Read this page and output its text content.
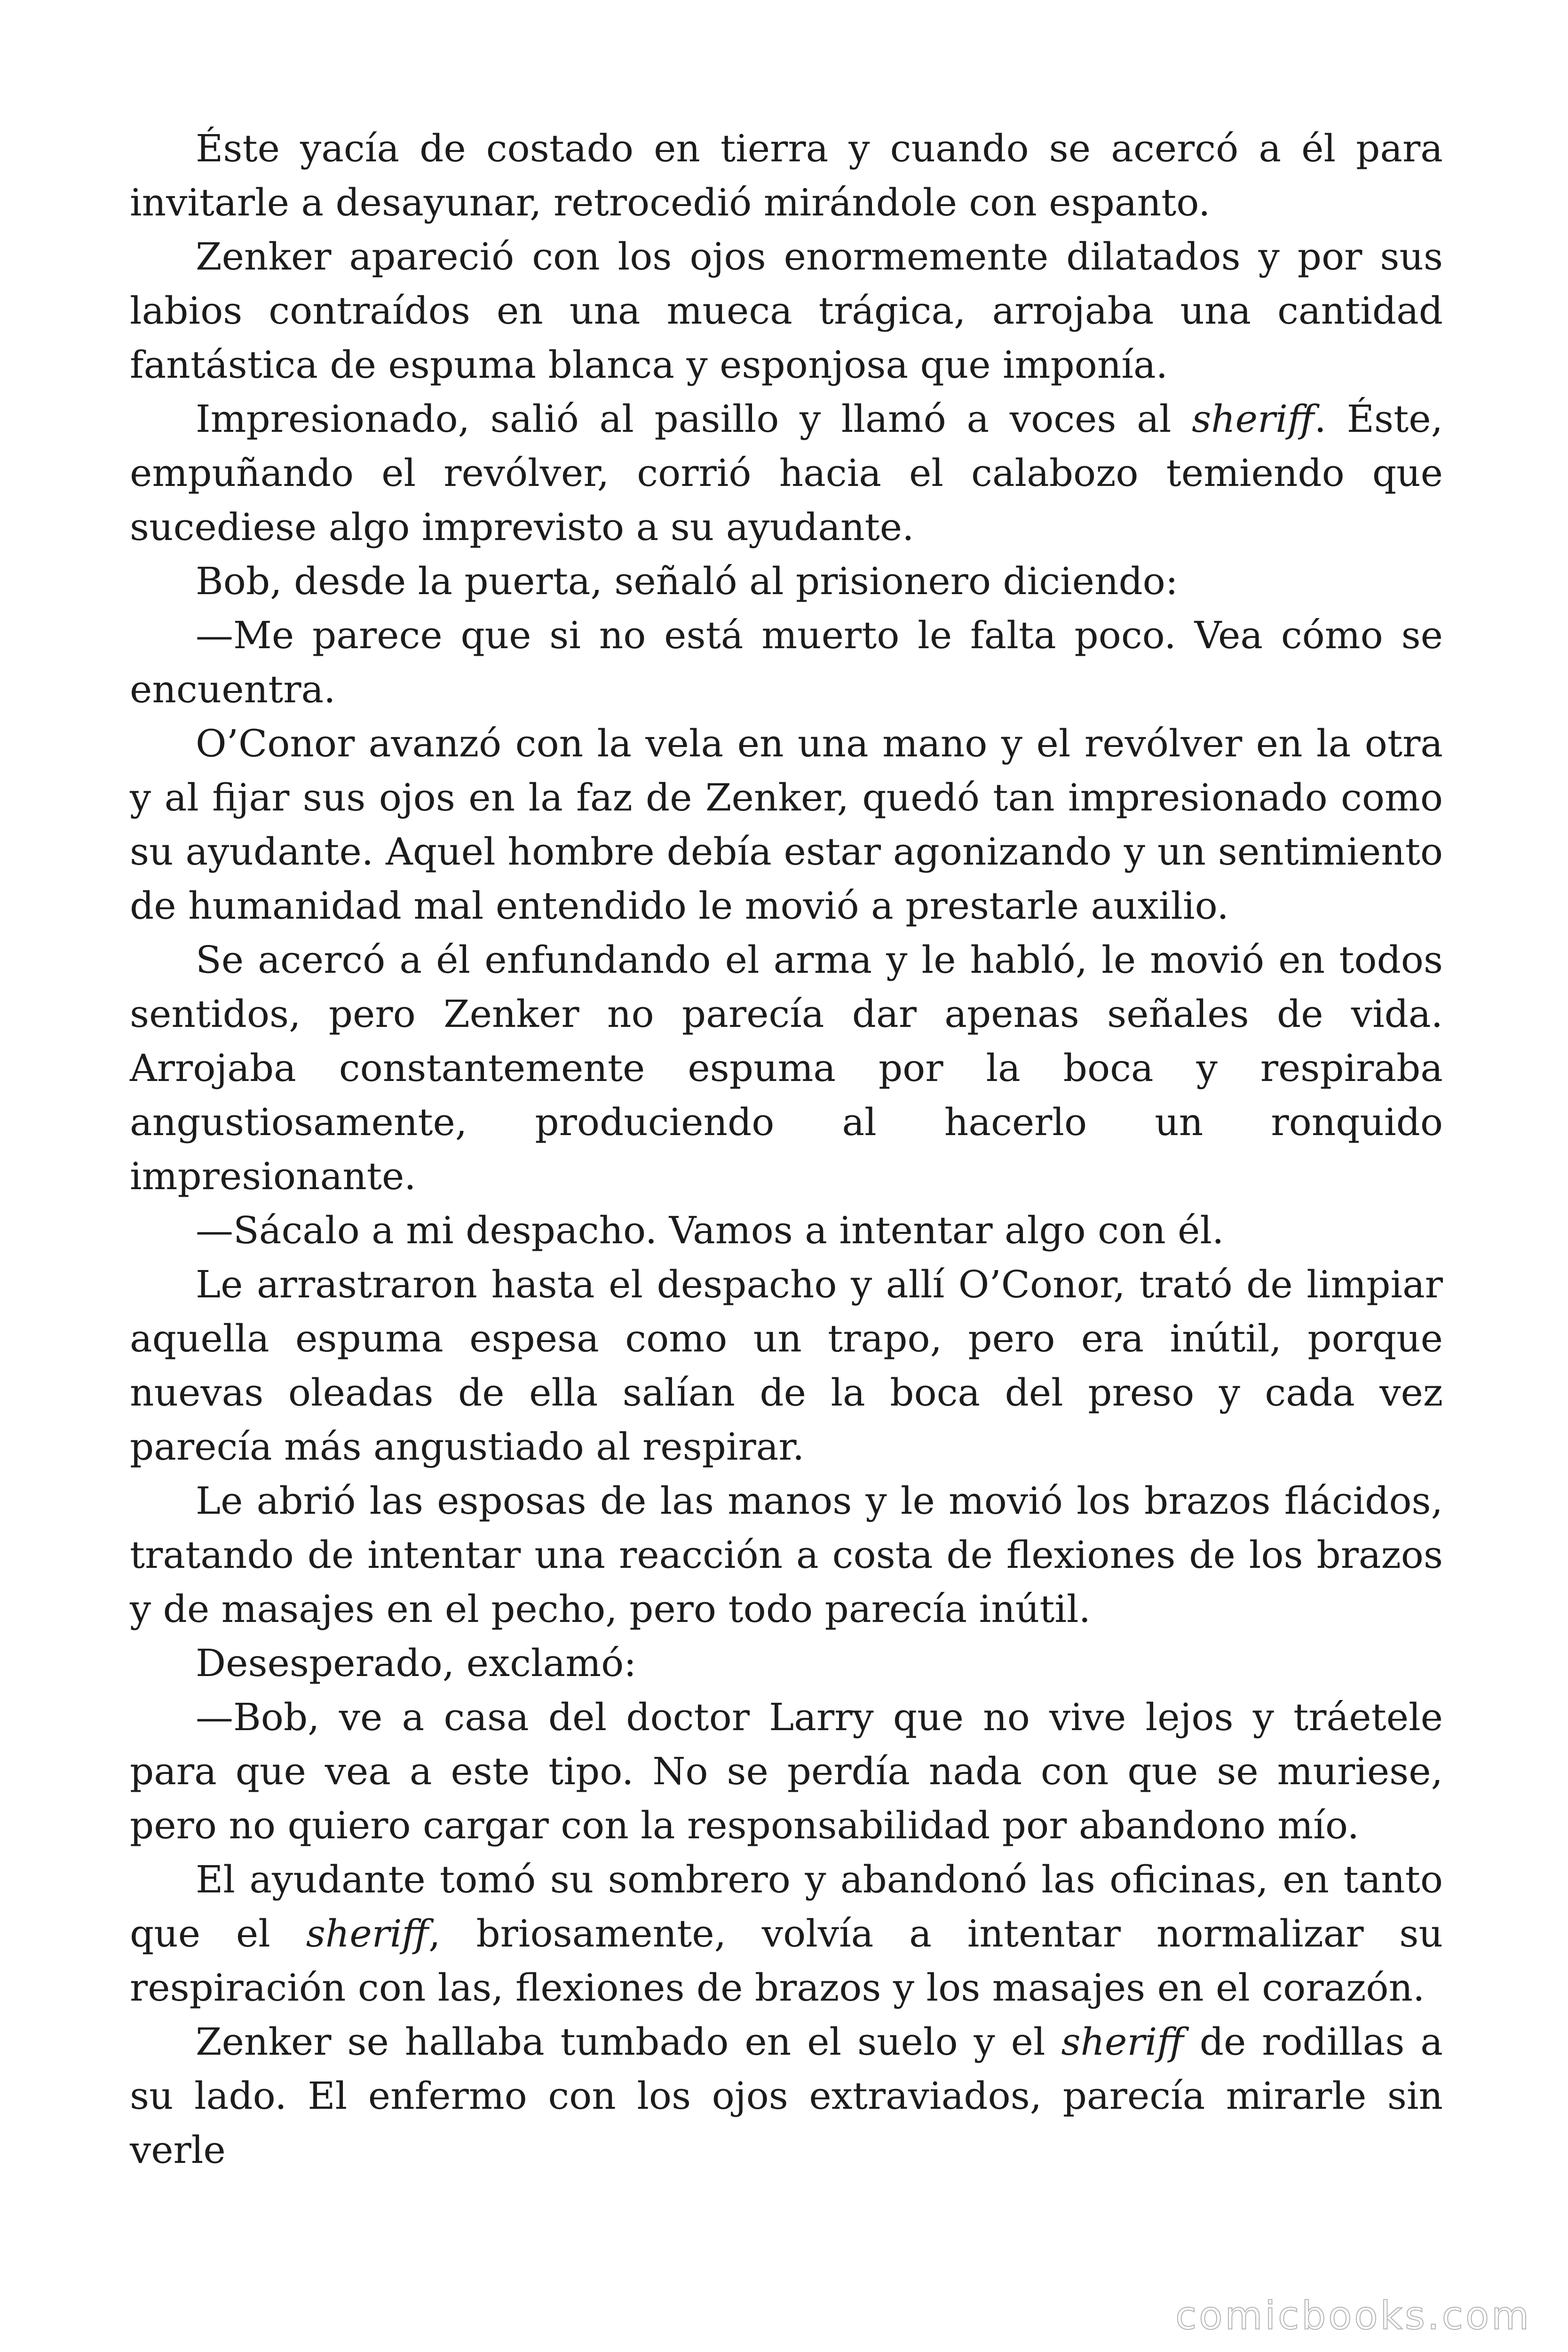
Éste yacía de costado en tierra y cuando se acercó a él para invitarle a desayunar, retrocedió mirándole con espanto.

Zenker apareció con los ojos enormemente dilatados y por sus labios contraídos en una mueca trágica, arrojaba una cantidad fantástica de espuma blanca y esponjosa que imponía.

Impresionado, salió al pasillo y llamó a voces al sheriff. Éste, empuñando el revólver, corrió hacia el calabozo temiendo que sucediese algo imprevisto a su ayudante.

Bob, desde la puerta, señaló al prisionero diciendo:

—Me parece que si no está muerto le falta poco. Vea cómo se encuentra.

O’Conor avanzó con la vela en una mano y el revólver en la otra y al fijar sus ojos en la faz de Zenker, quedó tan impresionado como su ayudante. Aquel hombre debía estar agonizando y un sentimiento de humanidad mal entendido le movió a prestarle auxilio.

Se acercó a él enfundando el arma y le habló, le movió en todos sentidos, pero Zenker no parecía dar apenas señales de vida. Arrojaba constantemente espuma por la boca y respiraba angustiosamente, produciendo al hacerlo un ronquido impresionante.

—Sácalo a mi despacho. Vamos a intentar algo con él.

Le arrastraron hasta el despacho y allí O’Conor, trató de limpiar aquella espuma espesa como un trapo, pero era inútil, porque nuevas oleadas de ella salían de la boca del preso y cada vez parecía más angustiado al respirar.

Le abrió las esposas de las manos y le movió los brazos flácidos, tratando de intentar una reacción a costa de flexiones de los brazos y de masajes en el pecho, pero todo parecía inútil.

Desesperado, exclamó:

—Bob, ve a casa del doctor Larry que no vive lejos y tráetele para que vea a este tipo. No se perdía nada con que se muriese, pero no quiero cargar con la responsabilidad por abandono mío.

El ayudante tomó su sombrero y abandonó las oficinas, en tanto que el sheriff, briosamente, volvía a intentar normalizar su respiración con las, flexiones de brazos y los masajes en el corazón.

Zenker se hallaba tumbado en el suelo y el sheriff de rodillas a su lado. El enfermo con los ojos extraviados, parecía mirarle sin verle

comicbooks.com
